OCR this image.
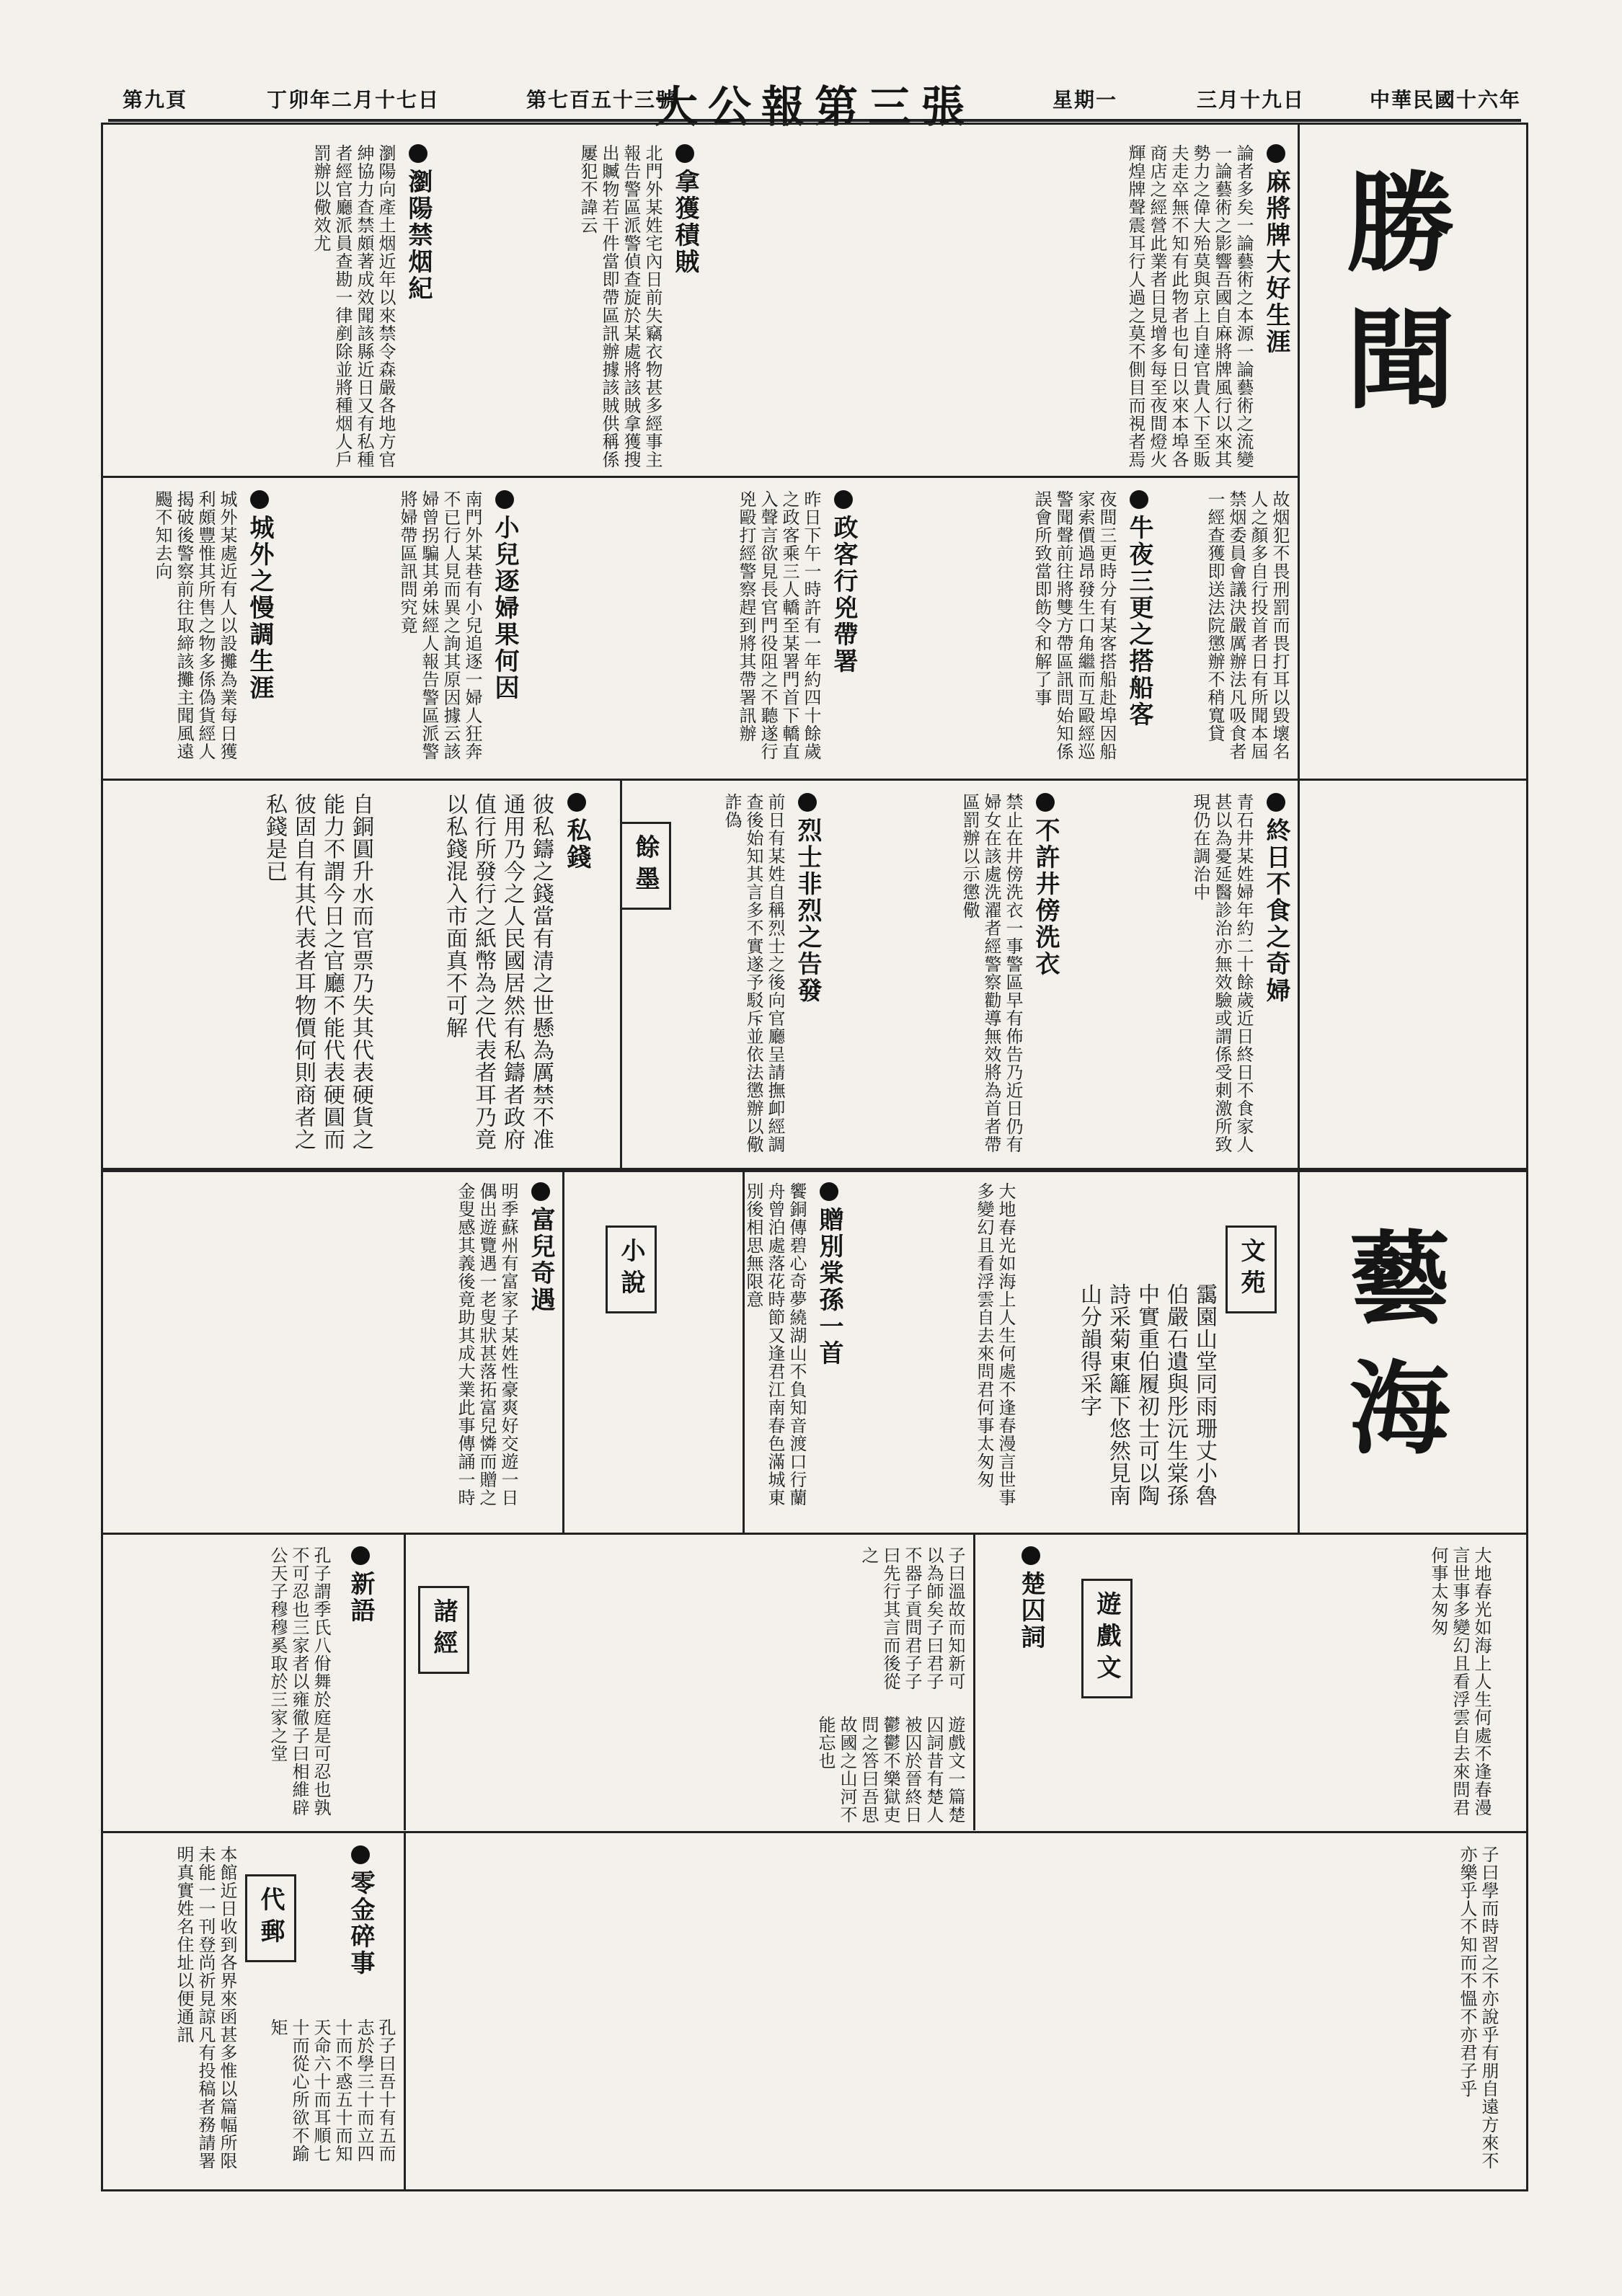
中華民國十六年
三月十九日
星期一
大公報第三張
第七百五十三號
丁卯年二月十七日
第九頁
勝聞
藝海
麻將牌大好生涯
拿獲積賊
瀏陽禁烟紀
牛夜三更之搭船客
政客行兇帶署
小兒逐婦果何因
城外之慢調生涯
終日不食之奇婦
不許井傍洗衣
烈士非烈之告發
私錢
富兒奇遇	贈別棠孫一首
楚囚詞
新語
零金碎事
餘墨
小說	文苑
遊戲文
諸經
代郵
論者多矣一論藝術之本源一論藝術之流變一論藝術之影響吾國自麻將牌風行以來其勢力之偉大殆莫與京上自達官貴人下至販夫走卒無不知有此物者也旬日以來本埠各商店之經營此業者日見增多每至夜間燈火輝煌牌聲震耳行人過之莫不側目而視者焉
北門外某姓宅內日前失竊衣物甚多經事主報告警區派警偵查旋於某處將該賊拿獲搜出贓物若干件當即帶區訊辦據該賊供稱係屢犯不諱云
瀏陽向產土烟近年以來禁令森嚴各地方官紳協力查禁頗著成效聞該縣近日又有私種者經官廳派員查勘一律剷除並將種烟人戶罰辦以儆效尤
故烟犯不畏刑罰而畏打耳以毀壞名人之顏多自行投首者日有所聞本屆禁烟委員會議決嚴厲辦法凡吸食者一經查獲即送法院懲辦不稍寬貸
夜間三更時分有某客搭船赴埠因船家索價過昂發生口角繼而互毆經巡警聞聲前往將雙方帶區訊問始知係誤會所致當即飭令和解了事
昨日下午一時許有一年約四十餘歲之政客乘三人轎至某署門首下轎直入聲言欲見長官門役阻之不聽遂行兇毆打經警察趕到將其帶署訊辦
南門外某巷有小兒追逐一婦人狂奔不已行人見而異之詢其原因據云該婦曾拐騙其弟妹經人報告警區派警將婦帶區訊問究竟
城外某處近有人以設攤為業每日獲利頗豐惟其所售之物多係偽貨經人揭破後警察前往取締該攤主聞風遠颺不知去向
青石井某姓婦年約二十餘歲近日終日不食家人甚以為憂延醫診治亦無效驗或謂係受刺激所致現仍在調治中
禁止在井傍洗衣一事警區早有佈告乃近日仍有婦女在該處洗濯者經警察勸導無效將為首者帶區罰辦以示懲儆
前日有某姓自稱烈士之後向官廳呈請撫卹經調查後始知其言多不實遂予駁斥並依法懲辦以儆詐偽
彼私鑄之錢當有清之世懸為厲禁不准通用乃今之人民國居然有私鑄者政府值行所發行之紙幣為之代表者耳乃竟以私錢混入市面真不可解
自銅圓升水而官票乃失其代表硬貨之能力不謂今日之官廳不能代表硬圓而彼固自有其代表者耳物價何則商者之私錢是已
明季蘇州有富家子某姓性豪爽好交遊一日偶出遊覽遇一老叟狀甚落拓富兒憐而贈之金叟感其義後竟助其成大業此事傳誦一時	饗銅傳碧心奇夢繞湖山不負知音渡口行蘭舟曾泊處落花時節又逢君江南春色滿城東別後相思無限意
靄園山堂同雨珊丈小魯伯嚴石遺與彤沅生棠孫中實重伯履初士可以陶詩采菊東籬下悠然見南山分韻得采字
大地春光如海上人生何處不逢春漫言世事多變幻且看浮雲自去來問君何事太匆匆
大地春光如海上人生何處不逢春漫言世事多變幻且看浮雲自去來問君何事太匆匆
遊戲文一篇楚囚詞昔有楚人被囚於晉終日鬱鬱不樂獄吏問之答曰吾思故國之山河不能忘也
孔子謂季氏八佾舞於庭是可忍也孰不可忍也三家者以雍徹子曰相維辟公天子穆穆奚取於三家之堂
子曰學而時習之不亦說乎有朋自遠方來不亦樂乎人不知而不慍不亦君子乎
孔子曰吾十有五而志於學三十而立四十而不惑五十而知天命六十而耳順七十而從心所欲不踰矩
本館近日收到各界來函甚多惟以篇幅所限未能一一刊登尚祈見諒凡有投稿者務請署明真實姓名住址以便通訊
子曰溫故而知新可以為師矣子曰君子不器子貢問君子子曰先行其言而後從之
